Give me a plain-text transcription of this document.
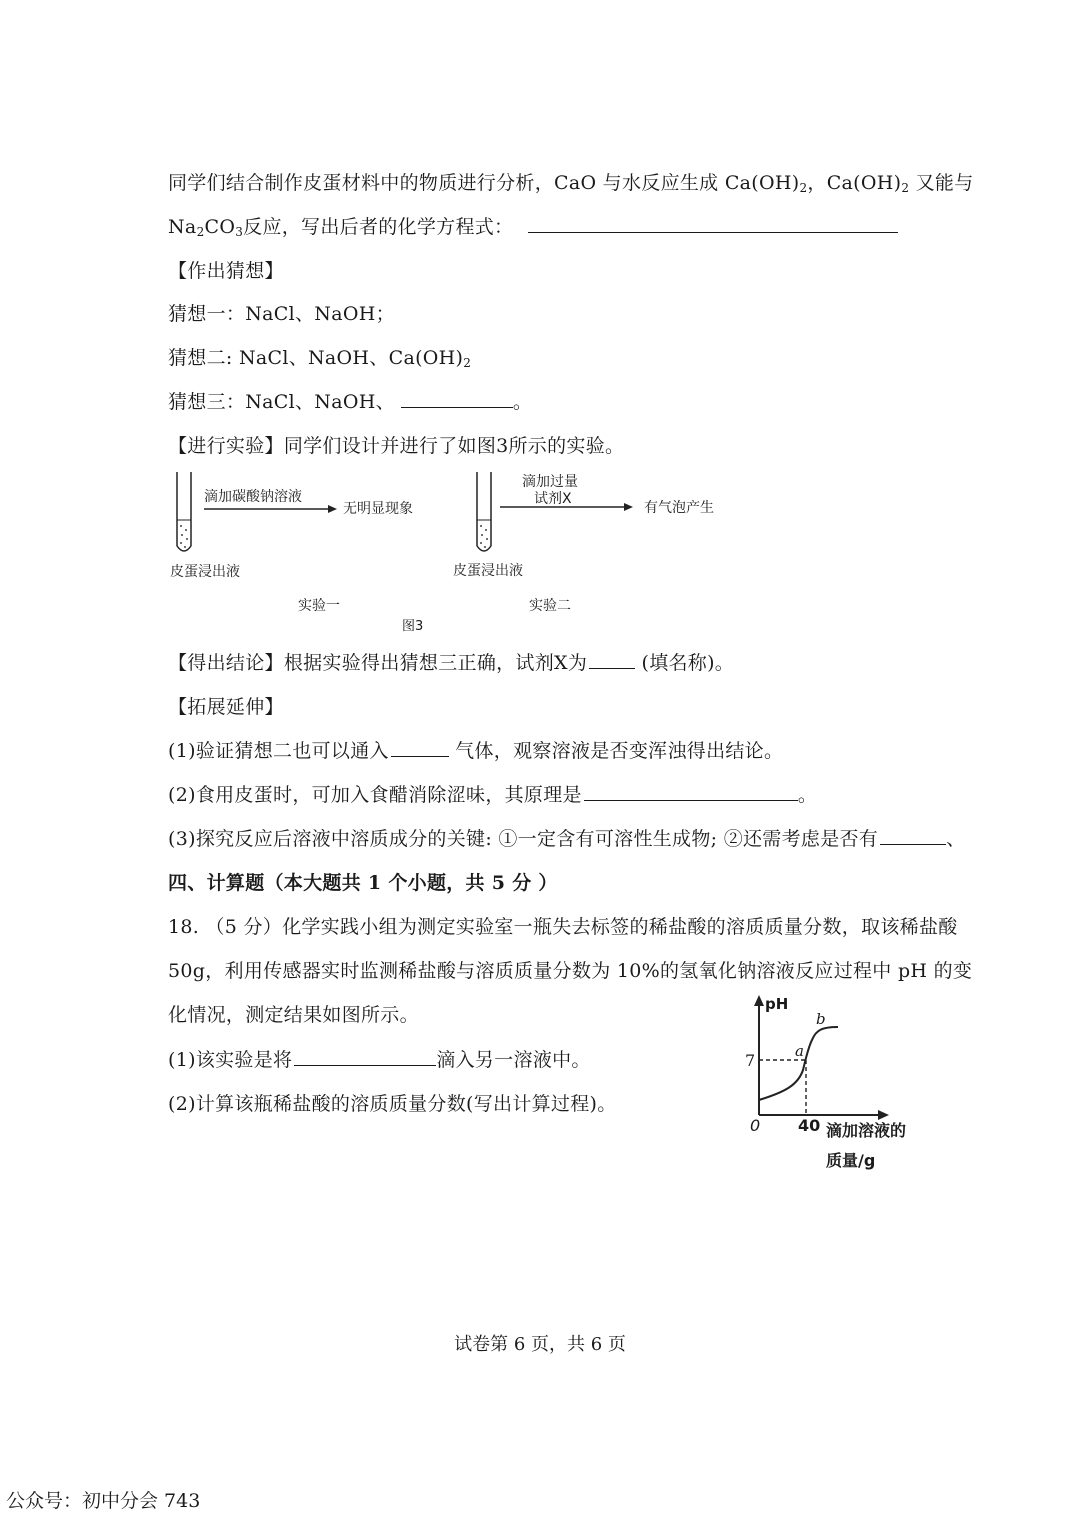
同学们结合制作皮蛋材料中的物质进行分析，CaO 与水反应生成 $Ca(OH)_2$，$Ca(OH)_2$ 又能与
$Na_2CO_3$反应，写出后者的化学方程式：
【作出猜想】
猜想一：NaCl、NaOH；
猜想二: NaCl、NaOH、$Ca(OH)_2$
猜想三：NaCl、NaOH、	。
【进行实验】同学们设计并进行了如图3所示的实验。
滴加碳酸钠溶液
无明显现象
皮蛋浸出液
实验一
滴加过量
试剂X
有气泡产生
皮蛋浸出液
实验二
图3
【得出结论】根据实验得出猜想三正确，试剂X为	(填名称)。
【拓展延伸】
(1)验证猜想二也可以通入	气体，观察溶液是否变浑浊得出结论。
(2)食用皮蛋时，可加入食醋消除涩味，其原理是	。
(3)探究反应后溶液中溶质成分的关键: ①一定含有可溶性生成物; ②还需考虑是否有	、
四、计算题（本大题共 1 个小题，共 5 分 ）
18. （5 分）化学实践小组为测定实验室一瓶失去标签的稀盐酸的溶质质量分数，取该稀盐酸
50g，利用传感器实时监测稀盐酸与溶质质量分数为 10%的氢氧化钠溶液反应过程中 pH 的变
化情况，测定结果如图所示。
(1)该实验是将	滴入另一溶液中。
(2)计算该瓶稀盐酸的溶质质量分数(写出计算过程)。
pH
7
0 40 滴加溶液的
质量/g
a
b
试卷第 6 页，共 6 页
公众号：初中分会 743
